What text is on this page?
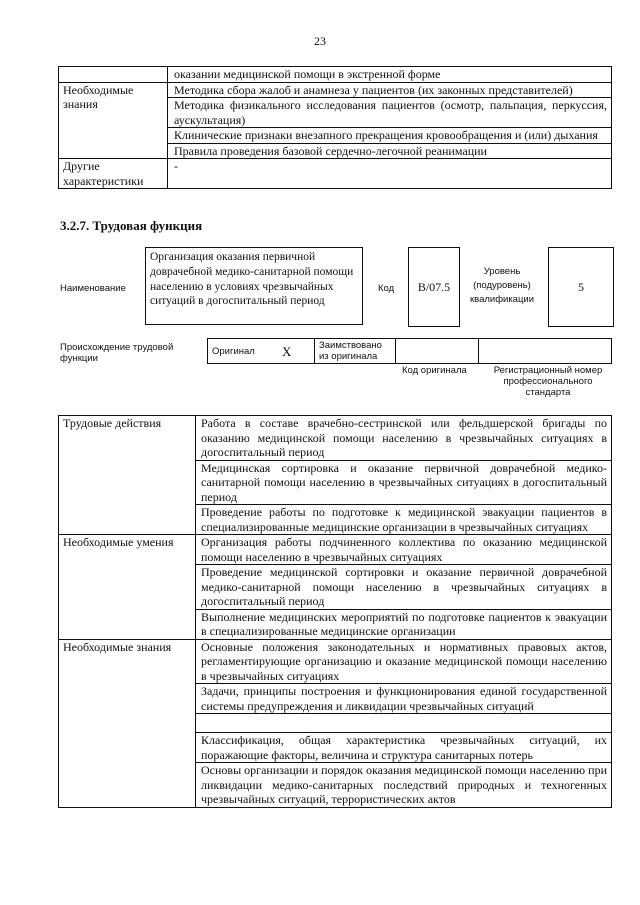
23
	оказании медицинской помощи в экстренной форме
Необходимые знания	Методика сбора жалоб и анамнеза у пациентов (их законных представителей)
	Методика физикального исследования пациентов (осмотр, пальпация, перкуссия, аускультация)
	Клинические признаки внезапного прекращения кровообращения и (или) дыхания
	Правила проведения базовой сердечно-легочной реанимации
Другие характеристики	-
3.2.7. Трудовая функция
Наименование
Организация оказания первичной доврачебной медико-санитарной помощи населению в условиях чрезвычайных ситуаций в догоспитальный период
Код	В/07.5
Уровень (подуровень) квалификации
5
Происхождение трудовой функции
Оригинал	X	Заимствовано из оригинала		
Код оригинала	Регистрационный номер профессионального стандарта
Трудовые действия	Работа в составе врачебно-сестринской или фельдшерской бригады по оказанию медицинской помощи населению в чрезвычайных ситуациях в догоспитальный период
	Медицинская сортировка и оказание первичной доврачебной медико-санитарной помощи населению в чрезвычайных ситуациях в догоспитальный период
	Проведение работы по подготовке к медицинской эвакуации пациентов в специализированные медицинские организации в чрезвычайных ситуациях
Необходимые умения	Организация работы подчиненного коллектива по оказанию медицинской помощи населению в чрезвычайных ситуациях
	Проведение медицинской сортировки и оказание первичной доврачебной медико-санитарной помощи населению в чрезвычайных ситуациях в догоспитальный период
	Выполнение медицинских мероприятий по подготовке пациентов к эвакуации в специализированные медицинские организации
Необходимые знания	Основные положения законодательных и нормативных правовых актов, регламентирующие организацию и оказание медицинской помощи населению в чрезвычайных ситуациях
	Задачи, принципы построения и функционирования единой государственной системы предупреждения и ликвидации чрезвычайных ситуаций

	Классификация, общая характеристика чрезвычайных ситуаций, их поражающие факторы, величина и структура санитарных потерь
	Основы организации и порядок оказания медицинской помощи населению при ликвидации медико-санитарных последствий природных и техногенных чрезвычайных ситуаций, террористических актов
